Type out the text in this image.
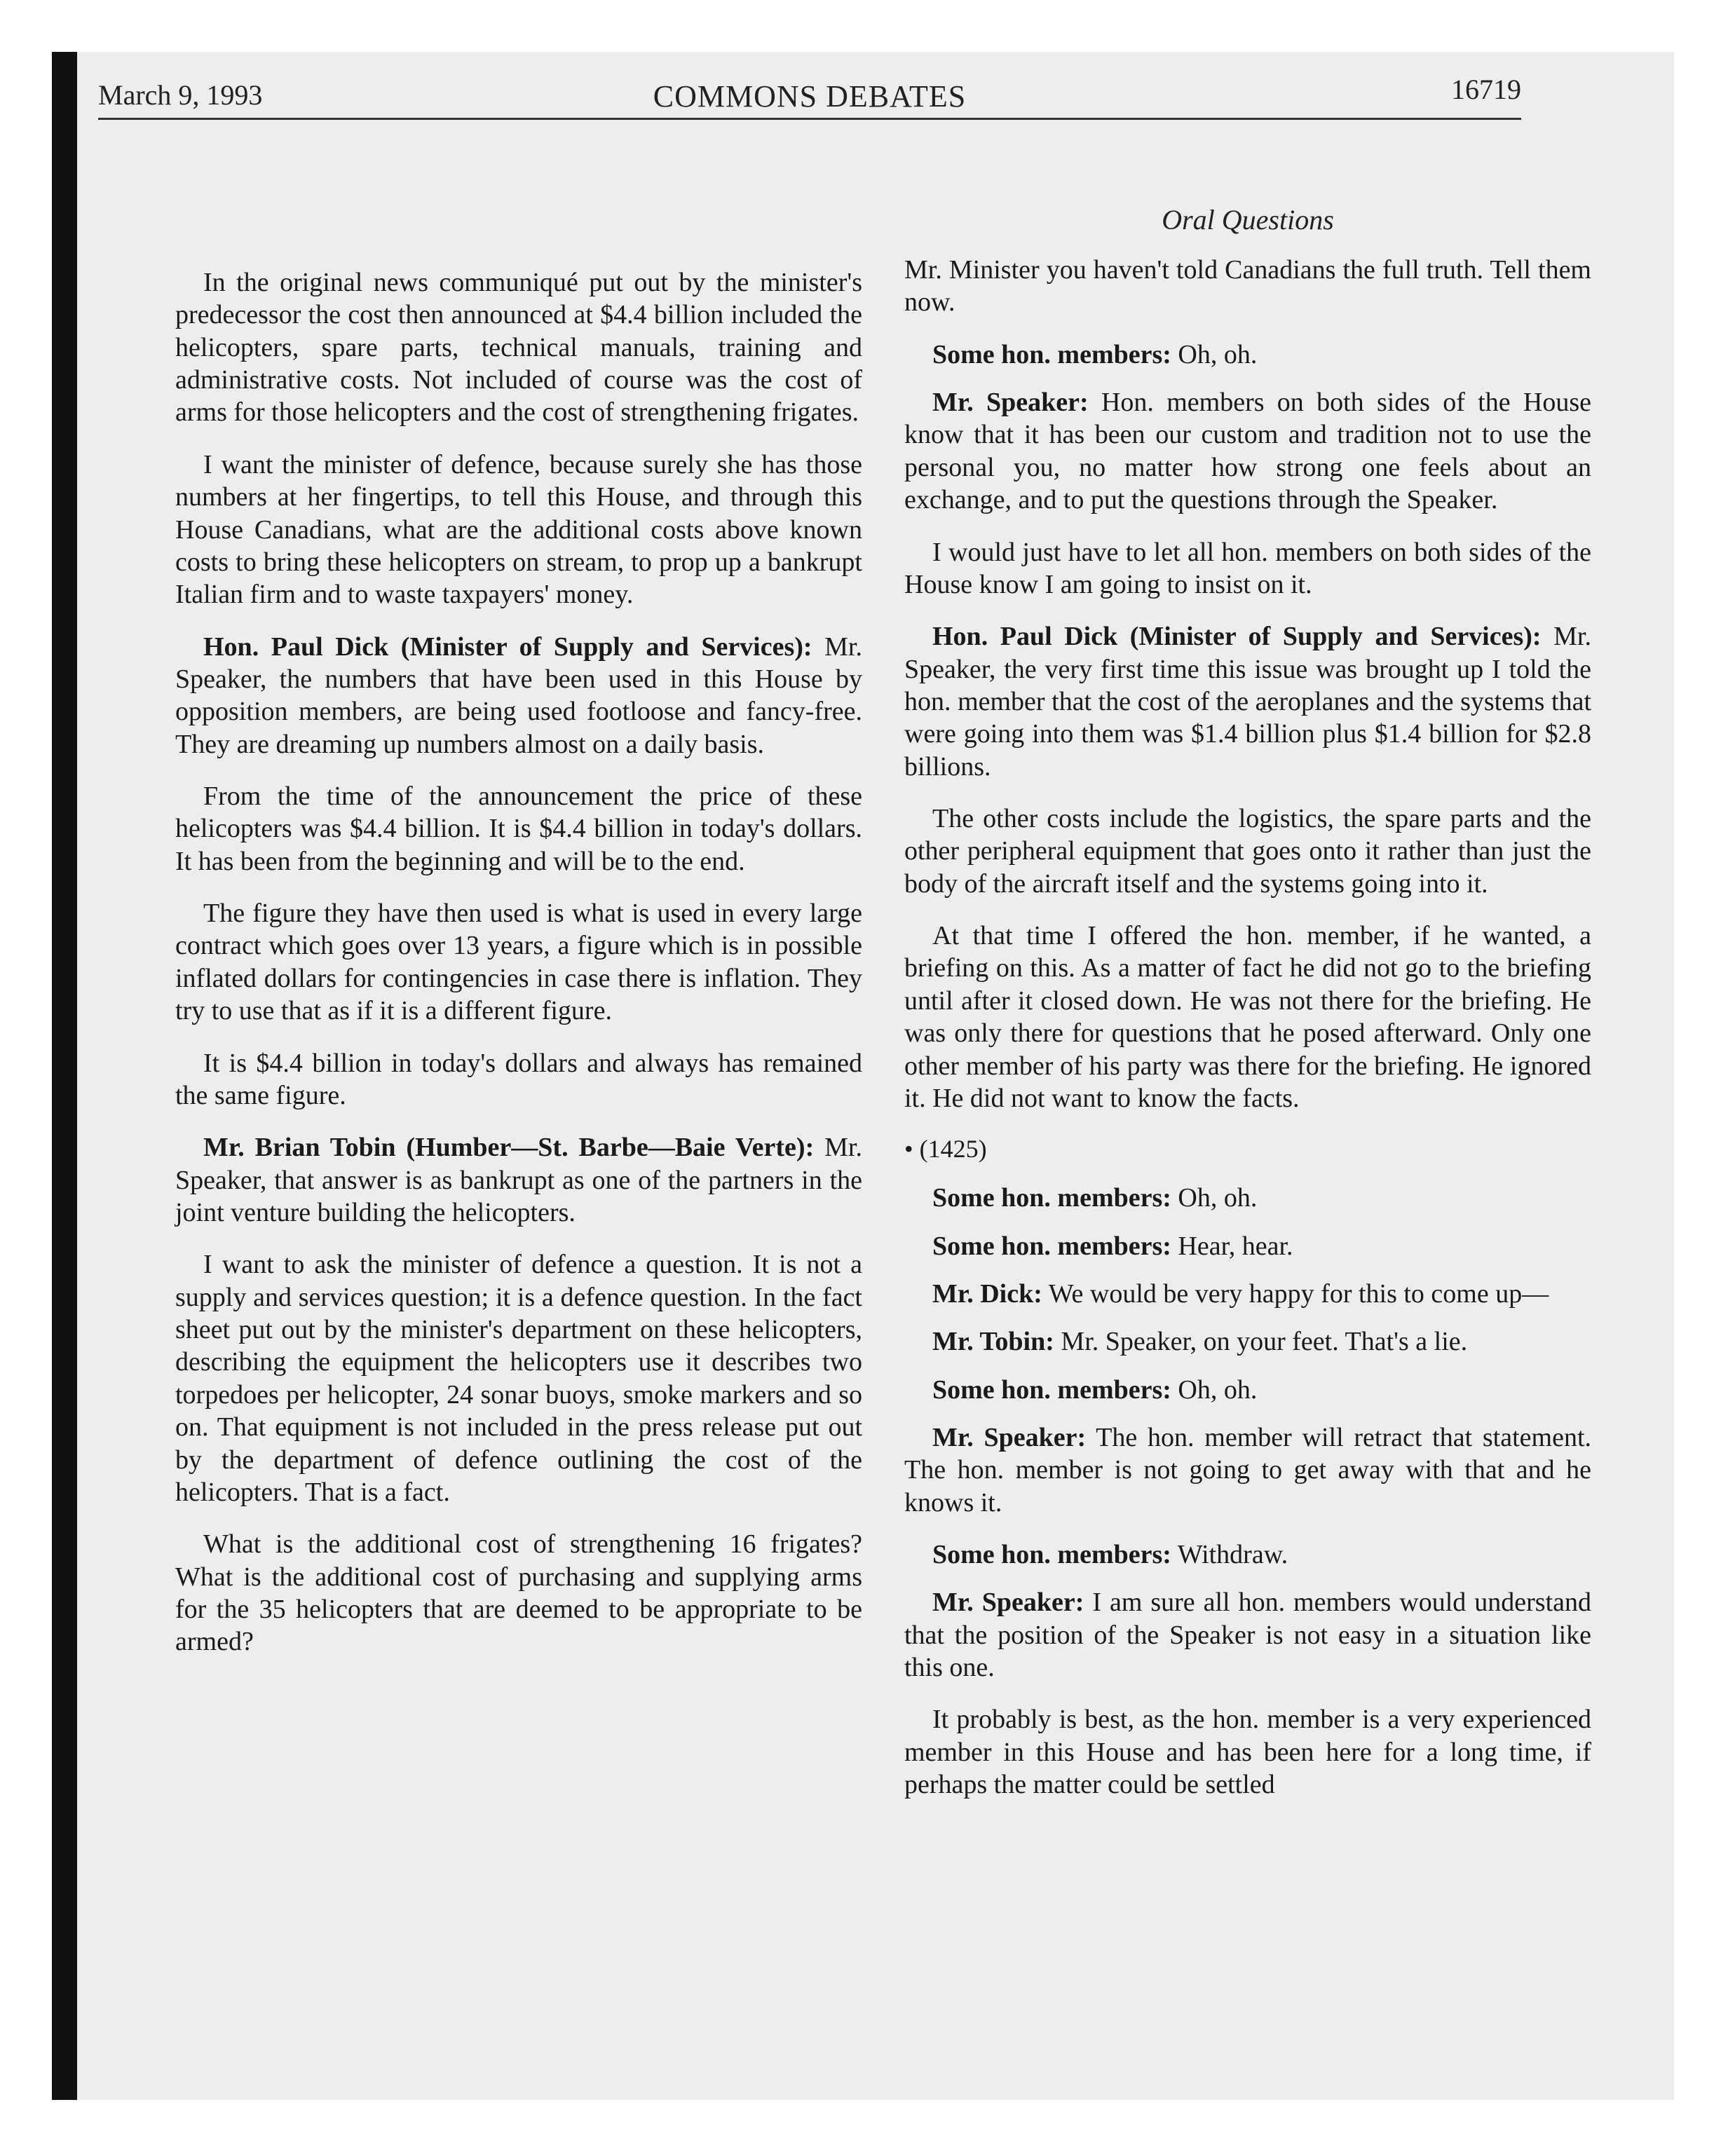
March 9, 1993	COMMONS DEBATES	16719
Oral Questions

In the original news communiqué put out by the minister's predecessor the cost then announced at $4.4 billion included the helicopters, spare parts, technical manuals, training and administrative costs. Not included of course was the cost of arms for those helicopters and the cost of strengthening frigates.

I want the minister of defence, because surely she has those numbers at her fingertips, to tell this House, and through this House Canadians, what are the additional costs above known costs to bring these helicopters on stream, to prop up a bankrupt Italian firm and to waste taxpayers' money.

Hon. Paul Dick (Minister of Supply and Services): Mr. Speaker, the numbers that have been used in this House by opposition members, are being used footloose and fancy-free. They are dreaming up numbers almost on a daily basis.

From the time of the announcement the price of these helicopters was $4.4 billion. It is $4.4 billion in today's dollars. It has been from the beginning and will be to the end.

The figure they have then used is what is used in every large contract which goes over 13 years, a figure which is in possible inflated dollars for contingencies in case there is inflation. They try to use that as if it is a different figure.

It is $4.4 billion in today's dollars and always has remained the same figure.

Mr. Brian Tobin (Humber—St. Barbe—Baie Verte): Mr. Speaker, that answer is as bankrupt as one of the partners in the joint venture building the helicopters.

I want to ask the minister of defence a question. It is not a supply and services question; it is a defence question. In the fact sheet put out by the minister's department on these helicopters, describing the equipment the helicopters use it describes two torpedoes per helicopter, 24 sonar buoys, smoke markers and so on. That equipment is not included in the press release put out by the department of defence outlining the cost of the helicopters. That is a fact.

What is the additional cost of strengthening 16 frigates? What is the additional cost of purchasing and supplying arms for the 35 helicopters that are deemed to be appropriate to be armed?

Mr. Minister you haven't told Canadians the full truth. Tell them now.

Some hon. members: Oh, oh.

Mr. Speaker: Hon. members on both sides of the House know that it has been our custom and tradition not to use the personal you, no matter how strong one feels about an exchange, and to put the questions through the Speaker.

I would just have to let all hon. members on both sides of the House know I am going to insist on it.

Hon. Paul Dick (Minister of Supply and Services): Mr. Speaker, the very first time this issue was brought up I told the hon. member that the cost of the aeroplanes and the systems that were going into them was $1.4 billion plus $1.4 billion for $2.8 billions.

The other costs include the logistics, the spare parts and the other peripheral equipment that goes onto it rather than just the body of the aircraft itself and the systems going into it.

At that time I offered the hon. member, if he wanted, a briefing on this. As a matter of fact he did not go to the briefing until after it closed down. He was not there for the briefing. He was only there for questions that he posed afterward. Only one other member of his party was there for the briefing. He ignored it. He did not want to know the facts.

• (1425)

Some hon. members: Oh, oh.

Some hon. members: Hear, hear.

Mr. Dick: We would be very happy for this to come up—

Mr. Tobin: Mr. Speaker, on your feet. That's a lie.

Some hon. members: Oh, oh.

Mr. Speaker: The hon. member will retract that statement. The hon. member is not going to get away with that and he knows it.

Some hon. members: Withdraw.

Mr. Speaker: I am sure all hon. members would understand that the position of the Speaker is not easy in a situation like this one.

It probably is best, as the hon. member is a very experienced member in this House and has been here for a long time, if perhaps the matter could be settled
